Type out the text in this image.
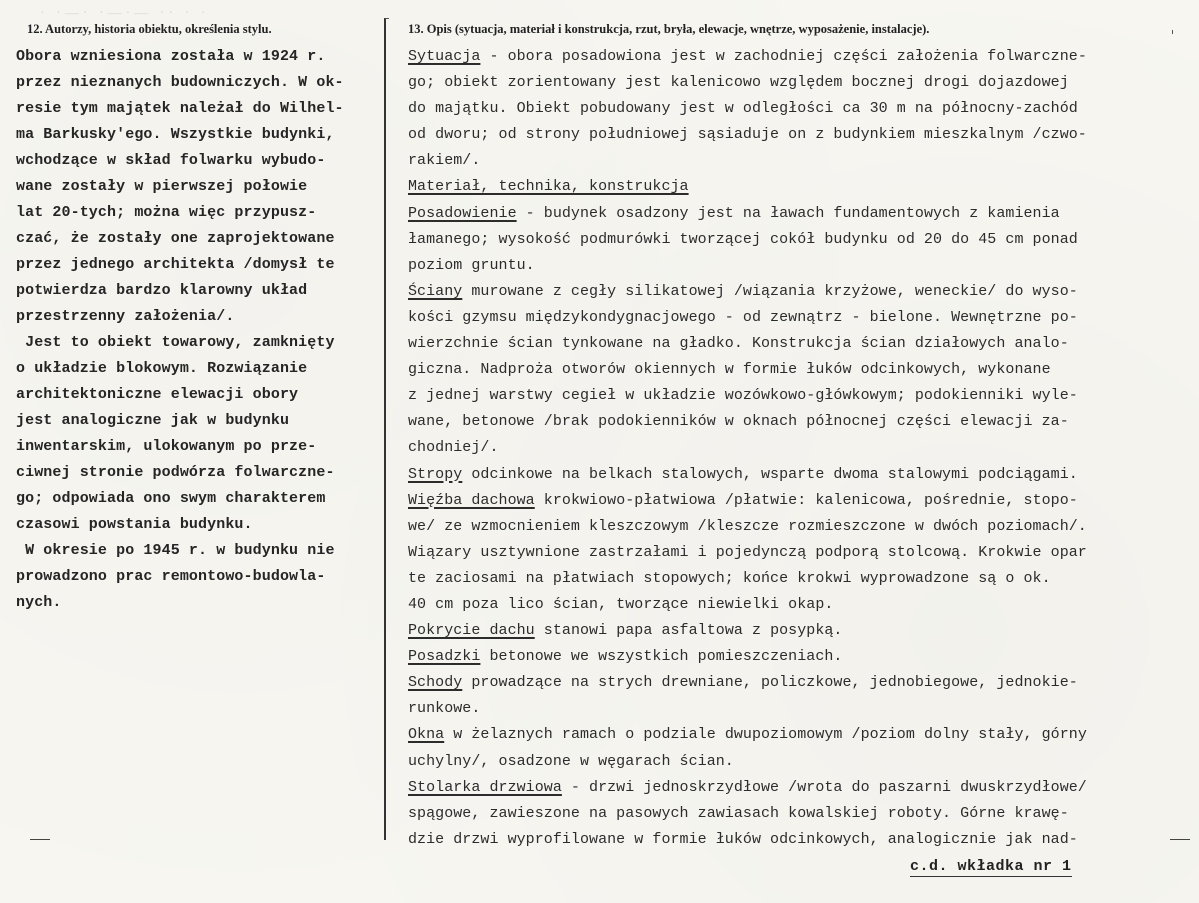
· ·—· ·—·— ·· · ·
12. Autorzy, historia obiektu, określenia stylu.	13. Opis (sytuacja, materiał i konstrukcja, rzut, bryła, elewacje, wnętrze, wyposażenie, instalacje).
Obora wzniesiona została w 1924 r.
przez nieznanych budowniczych. W ok-
resie tym majątek należał do Wilhel-
ma Barkusky'ego. Wszystkie budynki,
wchodzące w skład folwarku wybudo-
wane zostały w pierwszej połowie
lat 20-tych; można więc przypusz-
czać, że zostały one zaprojektowane
przez jednego architekta /domysł te
potwierdza bardzo klarowny układ
przestrzenny założenia/.
Jest to obiekt towarowy, zamknięty
o układzie blokowym. Rozwiązanie
architektoniczne elewacji obory
jest analogiczne jak w budynku
inwentarskim, ulokowanym po prze-
ciwnej stronie podwórza folwarczne-
go; odpowiada ono swym charakterem
czasowi powstania budynku.
W okresie po 1945 r. w budynku nie
prowadzono prac remontowo-budowla-
nych.
Sytuacja - obora posadowiona jest w zachodniej części założenia folwarczne-
go; obiekt zorientowany jest kalenicowo względem bocznej drogi dojazdowej
do majątku. Obiekt pobudowany jest w odległości ca 30 m na północny-zachód
od dworu; od strony południowej sąsiaduje on z budynkiem mieszkalnym /czwo-
rakiem/.
Materiał, technika, konstrukcja
Posadowienie - budynek osadzony jest na ławach fundamentowych z kamienia
łamanego; wysokość podmurówki tworzącej cokół budynku od 20 do 45 cm ponad
poziom gruntu.
Ściany murowane z cegły silikatowej /wiązania krzyżowe, weneckie/ do wyso-
kości gzymsu międzykondygnacjowego - od zewnątrz - bielone. Wewnętrzne po-
wierzchnie ścian tynkowane na gładko. Konstrukcja ścian działowych analo-
giczna. Nadproża otworów okiennych w formie łuków odcinkowych, wykonane
z jednej warstwy cegieł w układzie wozówkowo-główkowym; podokienniki wyle-
wane, betonowe /brak podokienników w oknach północnej części elewacji za-
chodniej/.
Stropy odcinkowe na belkach stalowych, wsparte dwoma stalowymi podciągami.
Więźba dachowa krokwiowo-płatwiowa /płatwie: kalenicowa, pośrednie, stopo-
we/ ze wzmocnieniem kleszczowym /kleszcze rozmieszczone w dwóch poziomach/.
Wiązary usztywnione zastrzałami i pojedynczą podporą stolcową. Krokwie opar
te zaciosami na płatwiach stopowych; końce krokwi wyprowadzone są o ok.
40 cm poza lico ścian, tworzące niewielki okap.
Pokrycie dachu stanowi papa asfaltowa z posypką.
Posadzki betonowe we wszystkich pomieszczeniach.
Schody prowadzące na strych drewniane, policzkowe, jednobiegowe, jednokie-
runkowe.
Okna w żelaznych ramach o podziale dwupoziomowym /poziom dolny stały, górny
uchylny/, osadzone w węgarach ścian.
Stolarka drzwiowa - drzwi jednoskrzydłowe /wrota do paszarni dwuskrzydłowe/
spągowe, zawieszone na pasowych zawiasach kowalskiej roboty. Górne krawę-
dzie drzwi wyprofilowane w formie łuków odcinkowych, analogicznie jak nad-
c.d. wkładka nr 1
